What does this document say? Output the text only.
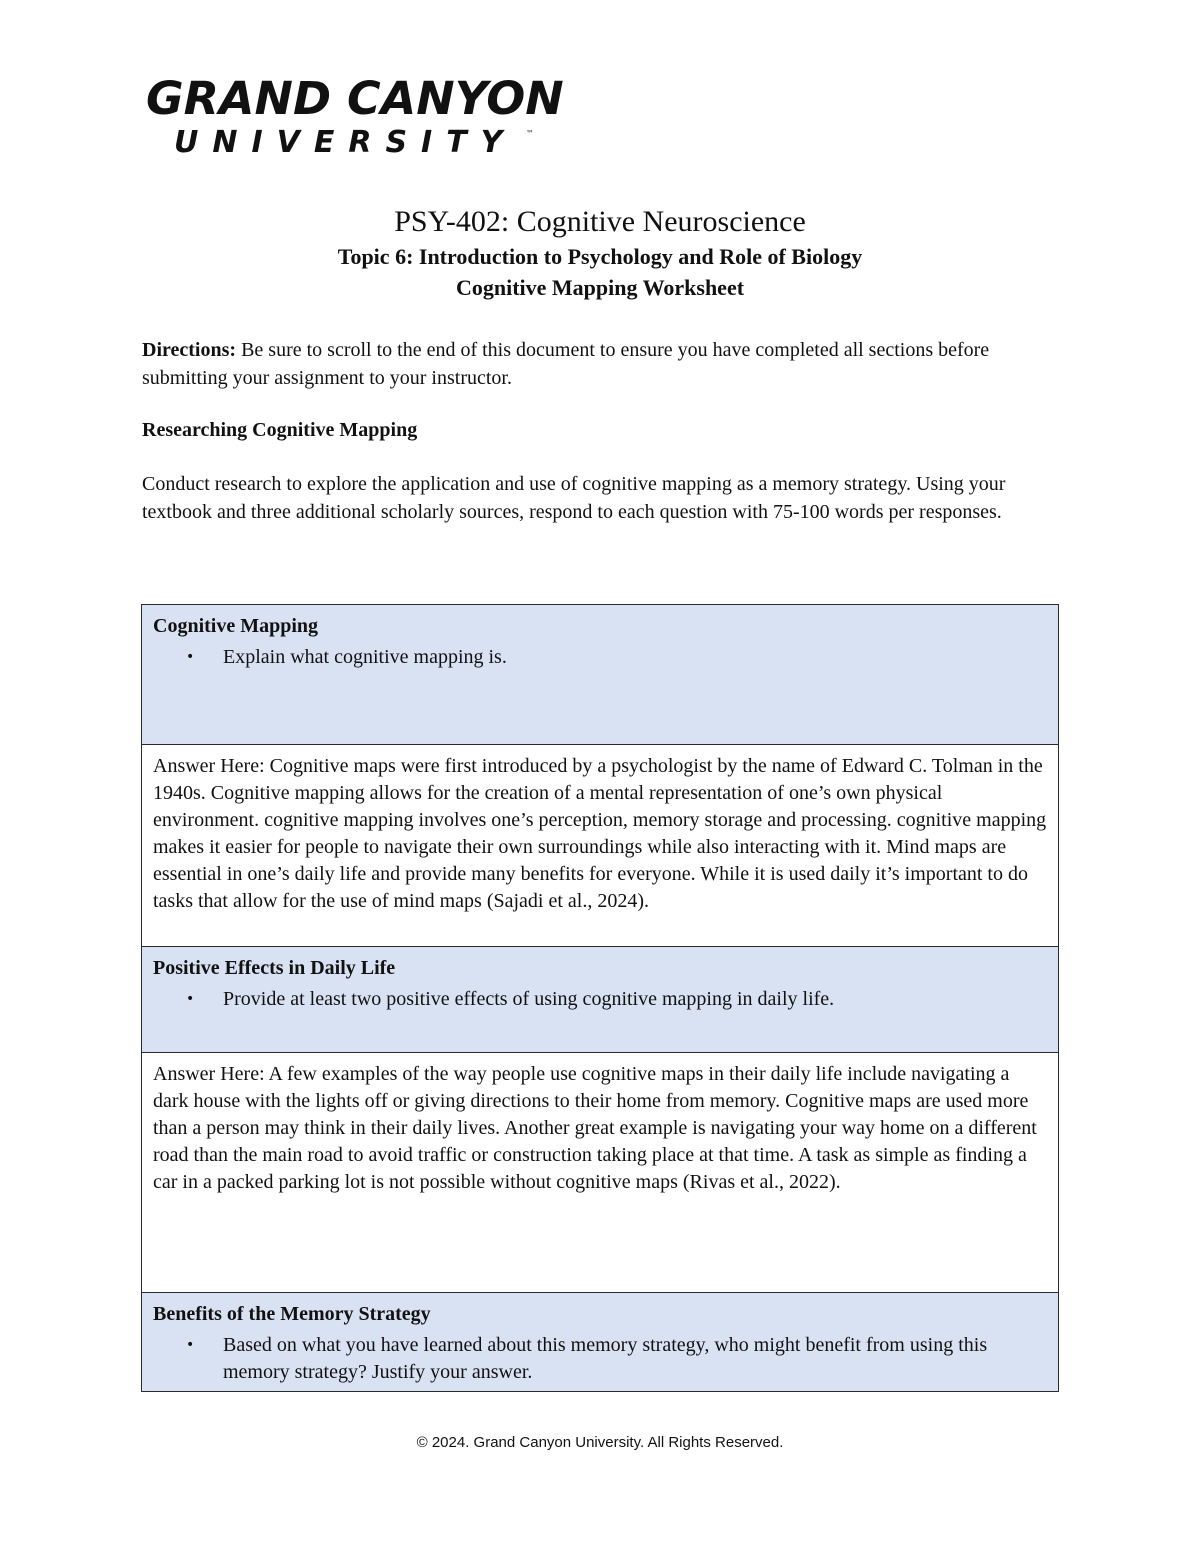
GRAND CANYON
UNIVERSITY ™
PSY-402: Cognitive Neuroscience
Topic 6: Introduction to Psychology and Role of Biology
Cognitive Mapping Worksheet
Directions: Be sure to scroll to the end of this document to ensure you have completed all sections before submitting your assignment to your instructor.
Researching Cognitive Mapping
Conduct research to explore the application and use of cognitive mapping as a memory strategy. Using your textbook and three additional scholarly sources, respond to each question with 75-100 words per responses.
Cognitive Mapping
• Explain what cognitive mapping is.

Answer Here: Cognitive maps were first introduced by a psychologist by the name of Edward C. Tolman in the 1940s. Cognitive mapping allows for the creation of a mental representation of one’s own physical environment. cognitive mapping involves one’s perception, memory storage and processing. cognitive mapping makes it easier for people to navigate their own surroundings while also interacting with it. Mind maps are essential in one’s daily life and provide many benefits for everyone. While it is used daily it’s important to do tasks that allow for the use of mind maps (Sajadi et al., 2024).

Positive Effects in Daily Life
• Provide at least two positive effects of using cognitive mapping in daily life.

Answer Here: A few examples of the way people use cognitive maps in their daily life include navigating a dark house with the lights off or giving directions to their home from memory. Cognitive maps are used more than a person may think in their daily lives. Another great example is navigating your way home on a different road than the main road to avoid traffic or construction taking place at that time. A task as simple as finding a car in a packed parking lot is not possible without cognitive maps (Rivas et al., 2022).

Benefits of the Memory Strategy
• Based on what you have learned about this memory strategy, who might benefit from using this memory strategy? Justify your answer.
© 2024. Grand Canyon University. All Rights Reserved.
